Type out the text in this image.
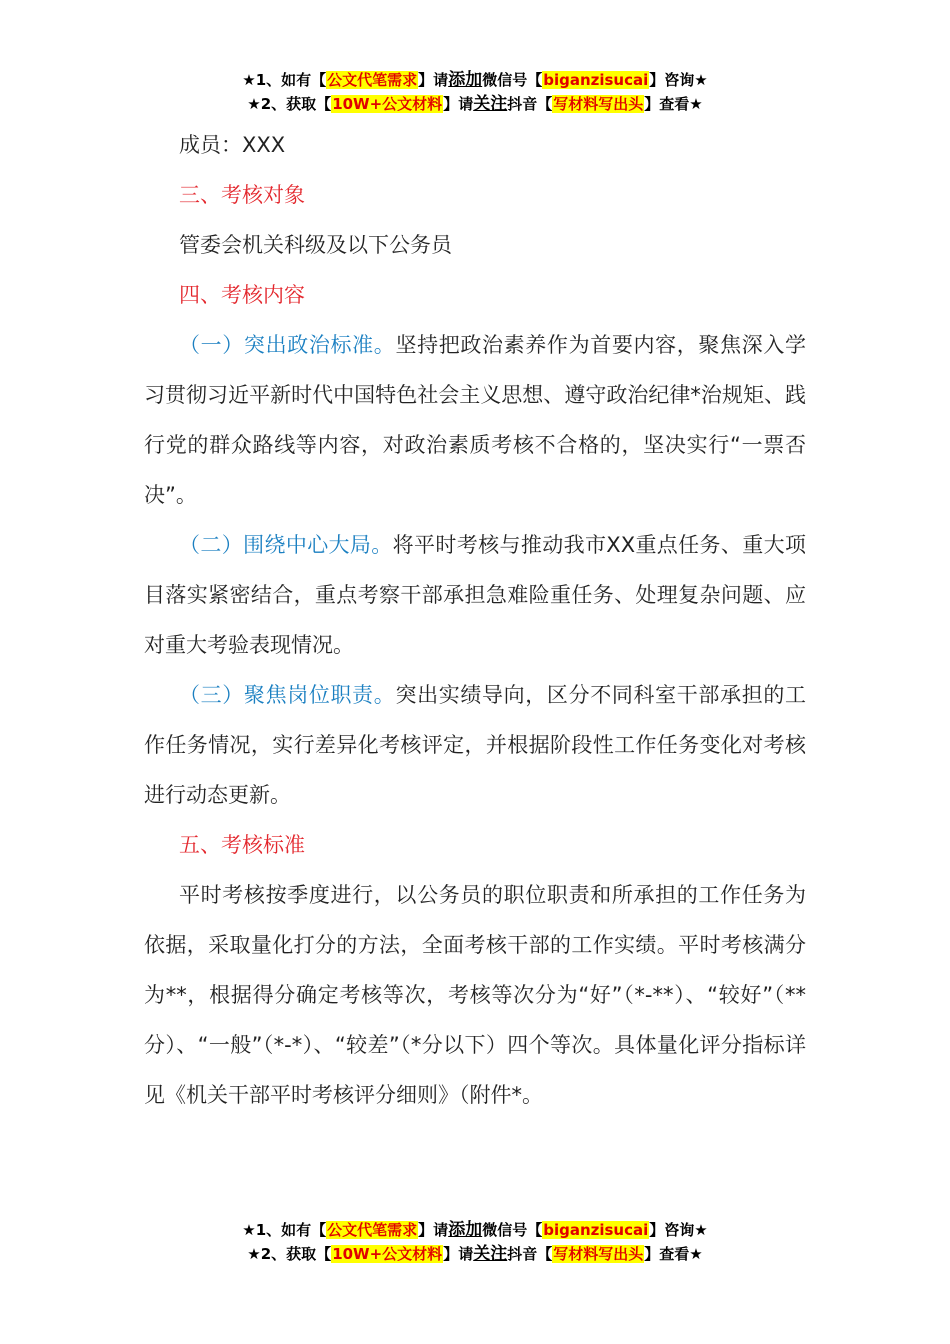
★1、如有【公文代笔需求】请添加微信号【biganzisucai】咨询★
★2、获取【10W+公文材料】请关注抖音【写材料写出头】查看★

成员：XXX

三、考核对象

管委会机关科级及以下公务员

四、考核内容

（一）突出政治标准。坚持把政治素养作为首要内容，聚焦深入学习贯彻习近平新时代中国特色社会主义思想、遵守政治纪律*治规矩、践行党的群众路线等内容，对政治素质考核不合格的，坚决实行“一票否决”。

（二）围绕中心大局。将平时考核与推动我市XX重点任务、重大项目落实紧密结合，重点考察干部承担急难险重任务、处理复杂问题、应对重大考验表现情况。

（三）聚焦岗位职责。突出实绩导向，区分不同科室干部承担的工作任务情况，实行差异化考核评定，并根据阶段性工作任务变化对考核进行动态更新。

五、考核标准

平时考核按季度进行，以公务员的职位职责和所承担的工作任务为依据，采取量化打分的方法，全面考核干部的工作实绩。平时考核满分为**，根据得分确定考核等次，考核等次分为“好”（*-**）、“较好”（**分）、“一般”（*-*）、“较差”（*分以下）四个等次。具体量化评分指标详见《机关干部平时考核评分细则》（附件*。

★1、如有【公文代笔需求】请添加微信号【biganzisucai】咨询★
★2、获取【10W+公文材料】请关注抖音【写材料写出头】查看★
